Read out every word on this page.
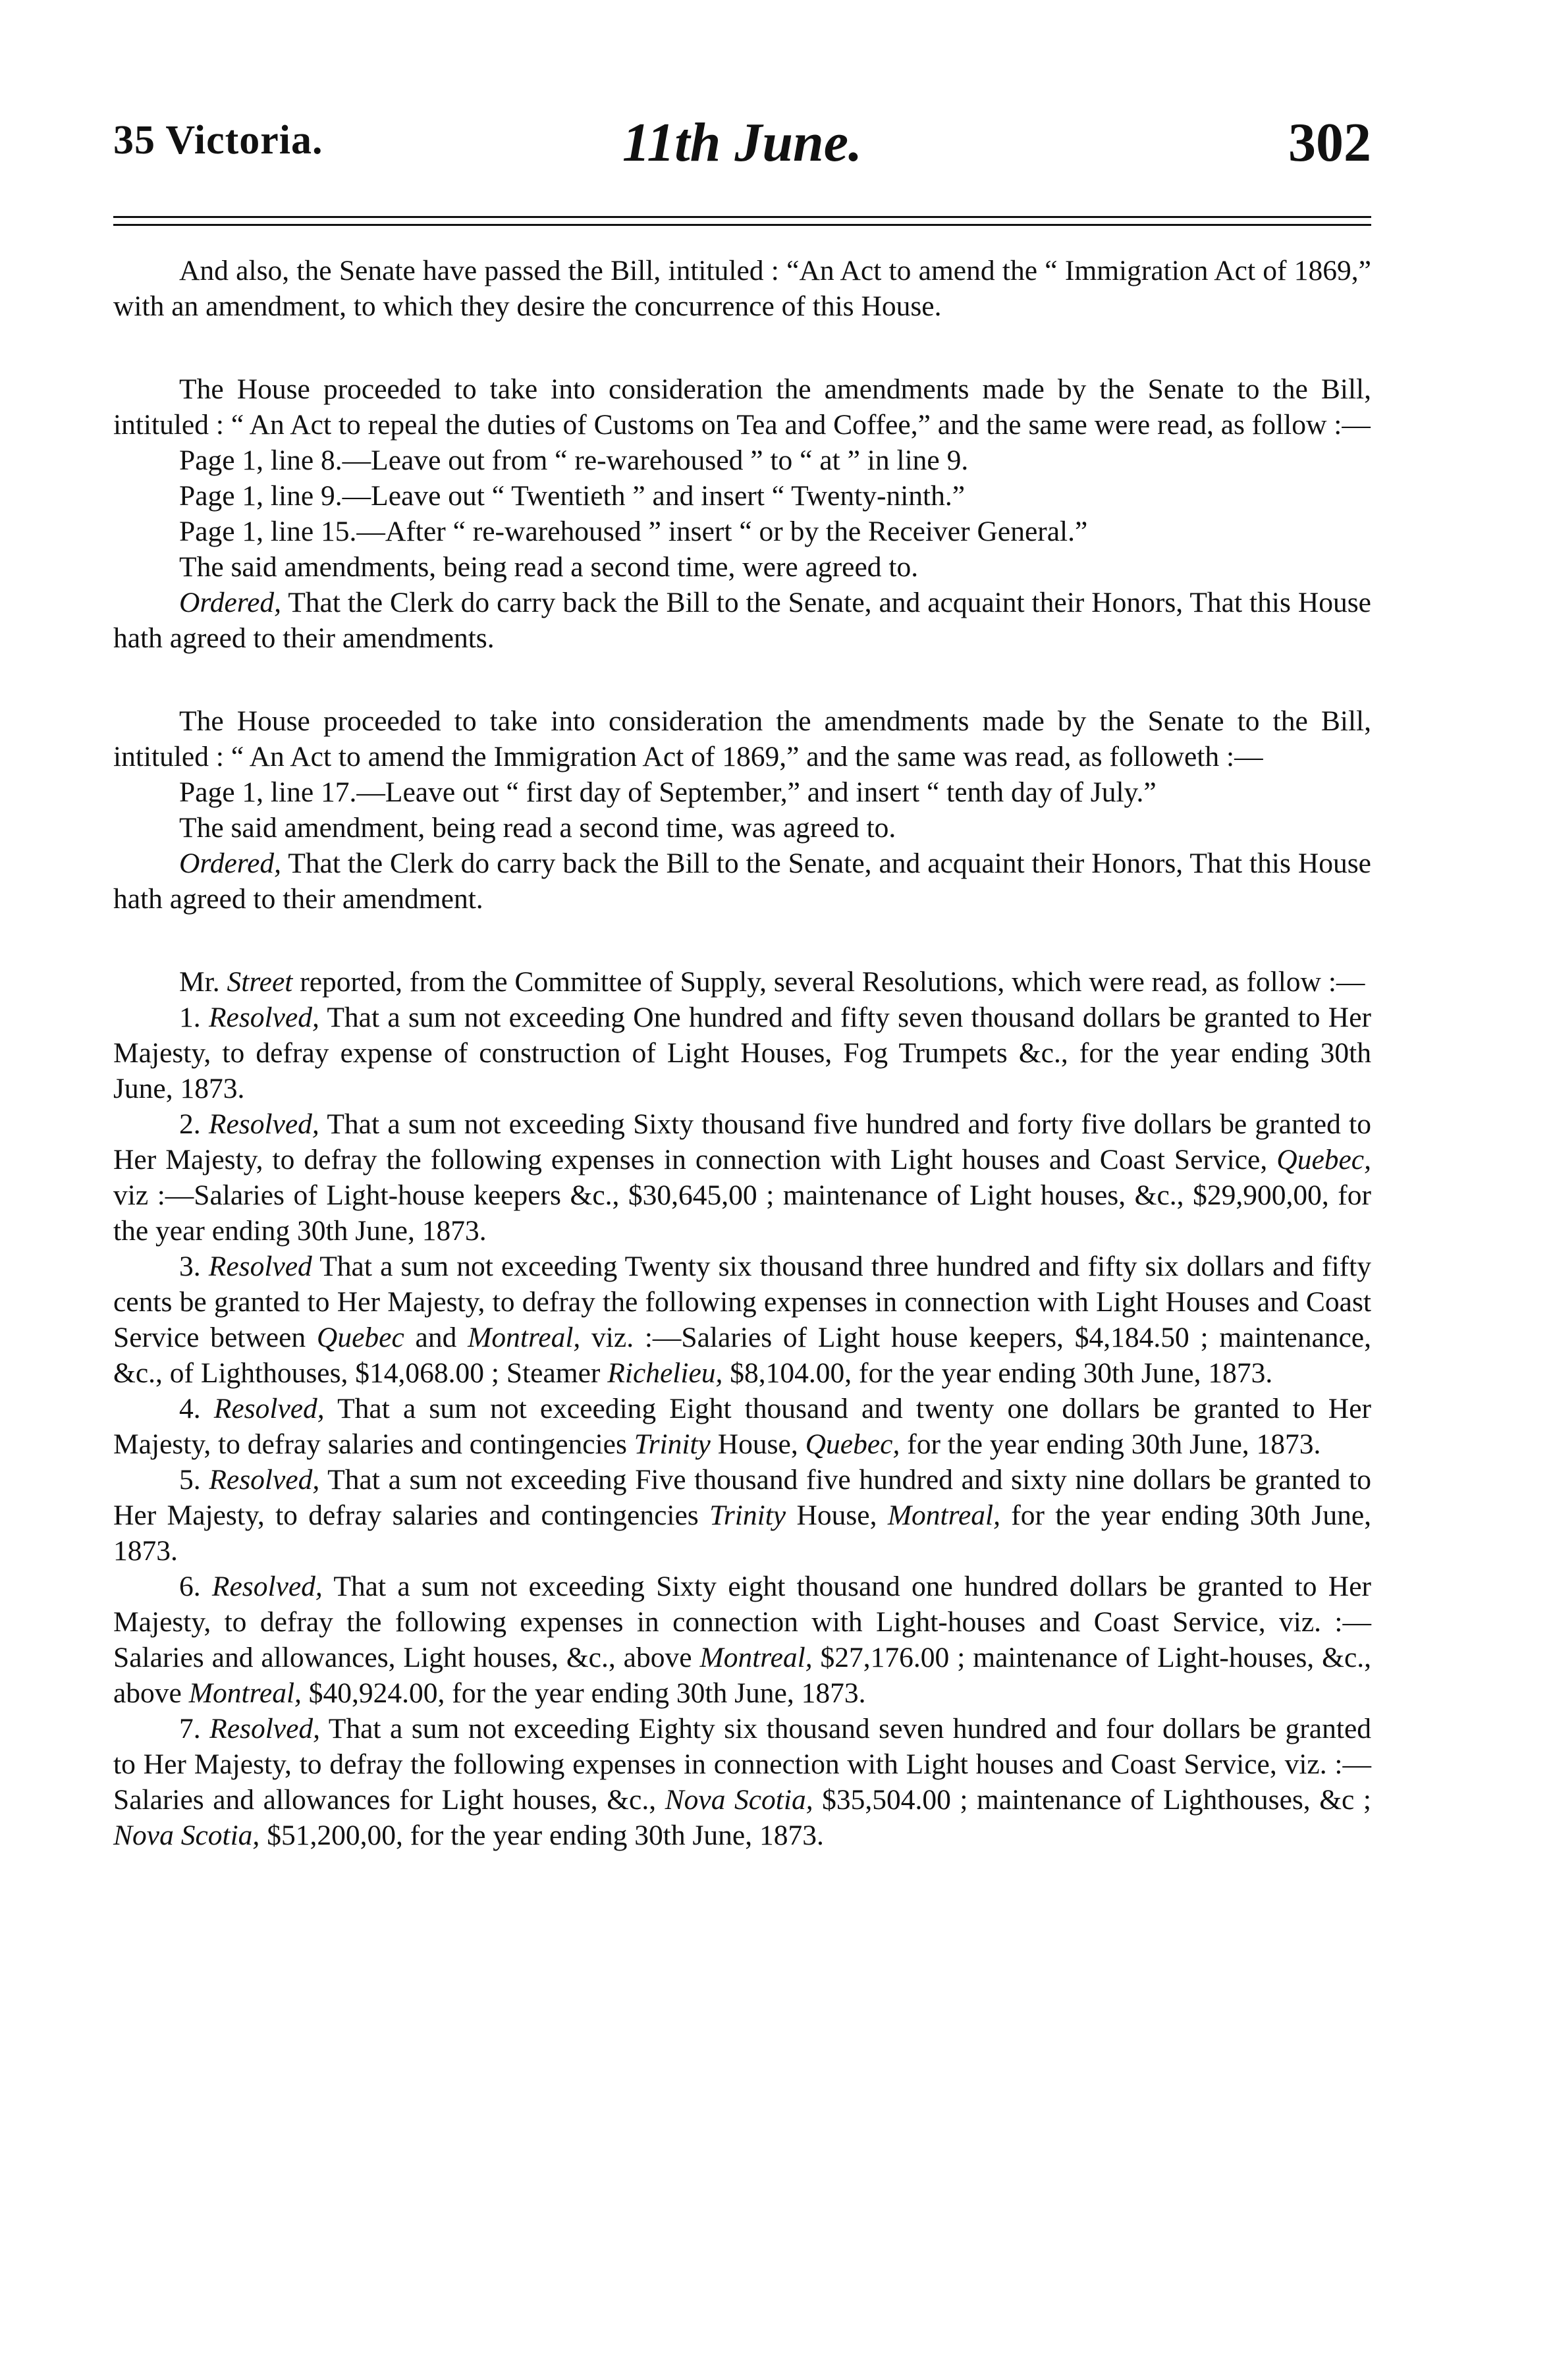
35 Victoria.	11th June.	302

And also, the Senate have passed the Bill, intituled : “An Act to amend the “ Immigration Act of 1869,” with an amendment, to which they desire the concurrence of this House.

The House proceeded to take into consideration the amendments made by the Senate to the Bill, intituled : “ An Act to repeal the duties of Customs on Tea and Coffee,” and the same were read, as follow :—

Page 1, line 8.—Leave out from “ re-warehoused ” to “ at ” in line 9.

Page 1, line 9.—Leave out “ Twentieth ” and insert “ Twenty-ninth.”

Page 1, line 15.—After “ re-warehoused ” insert “ or by the Receiver General.”

The said amendments, being read a second time, were agreed to.

Ordered, That the Clerk do carry back the Bill to the Senate, and acquaint their Honors, That this House hath agreed to their amendments.

The House proceeded to take into consideration the amendments made by the Senate to the Bill, intituled : “ An Act to amend the Immigration Act of 1869,” and the same was read, as followeth :—

Page 1, line 17.—Leave out “ first day of September,” and insert “ tenth day of July.”

The said amendment, being read a second time, was agreed to.

Ordered, That the Clerk do carry back the Bill to the Senate, and acquaint their Honors, That this House hath agreed to their amendment.

Mr. Street reported, from the Committee of Supply, several Resolutions, which were read, as follow :—

1. Resolved, That a sum not exceeding One hundred and fifty seven thousand dollars be granted to Her Majesty, to defray expense of construction of Light Houses, Fog Trumpets &c., for the year ending 30th June, 1873.

2. Resolved, That a sum not exceeding Sixty thousand five hundred and forty five dollars be granted to Her Majesty, to defray the following expenses in connection with Light houses and Coast Service, Quebec, viz :—Salaries of Light-house keepers &c., $30,645,00 ; maintenance of Light houses, &c., $29,900,00, for the year ending 30th June, 1873.

3. Resolved That a sum not exceeding Twenty six thousand three hundred and fifty six dollars and fifty cents be granted to Her Majesty, to defray the following expenses in connection with Light Houses and Coast Service between Quebec and Montreal, viz. :—Salaries of Light house keepers, $4,184.50 ; maintenance, &c., of Lighthouses, $14,068.00 ; Steamer Richelieu, $8,104.00, for the year ending 30th June, 1873.

4. Resolved, That a sum not exceeding Eight thousand and twenty one dollars be granted to Her Majesty, to defray salaries and contingencies Trinity House, Quebec, for the year ending 30th June, 1873.

5. Resolved, That a sum not exceeding Five thousand five hundred and sixty nine dollars be granted to Her Majesty, to defray salaries and contingencies Trinity House, Montreal, for the year ending 30th June, 1873.

6. Resolved, That a sum not exceeding Sixty eight thousand one hundred dollars be granted to Her Majesty, to defray the following expenses in connection with Light-houses and Coast Service, viz. :—Salaries and allowances, Light houses, &c., above Montreal, $27,176.00 ; maintenance of Light-houses, &c., above Montreal, $40,924.00, for the year ending 30th June, 1873.

7. Resolved, That a sum not exceeding Eighty six thousand seven hundred and four dollars be granted to Her Majesty, to defray the following expenses in connection with Light houses and Coast Service, viz. :—Salaries and allowances for Light houses, &c., Nova Scotia, $35,504.00 ; maintenance of Lighthouses, &c ; Nova Scotia, $51,200,00, for the year ending 30th June, 1873.
